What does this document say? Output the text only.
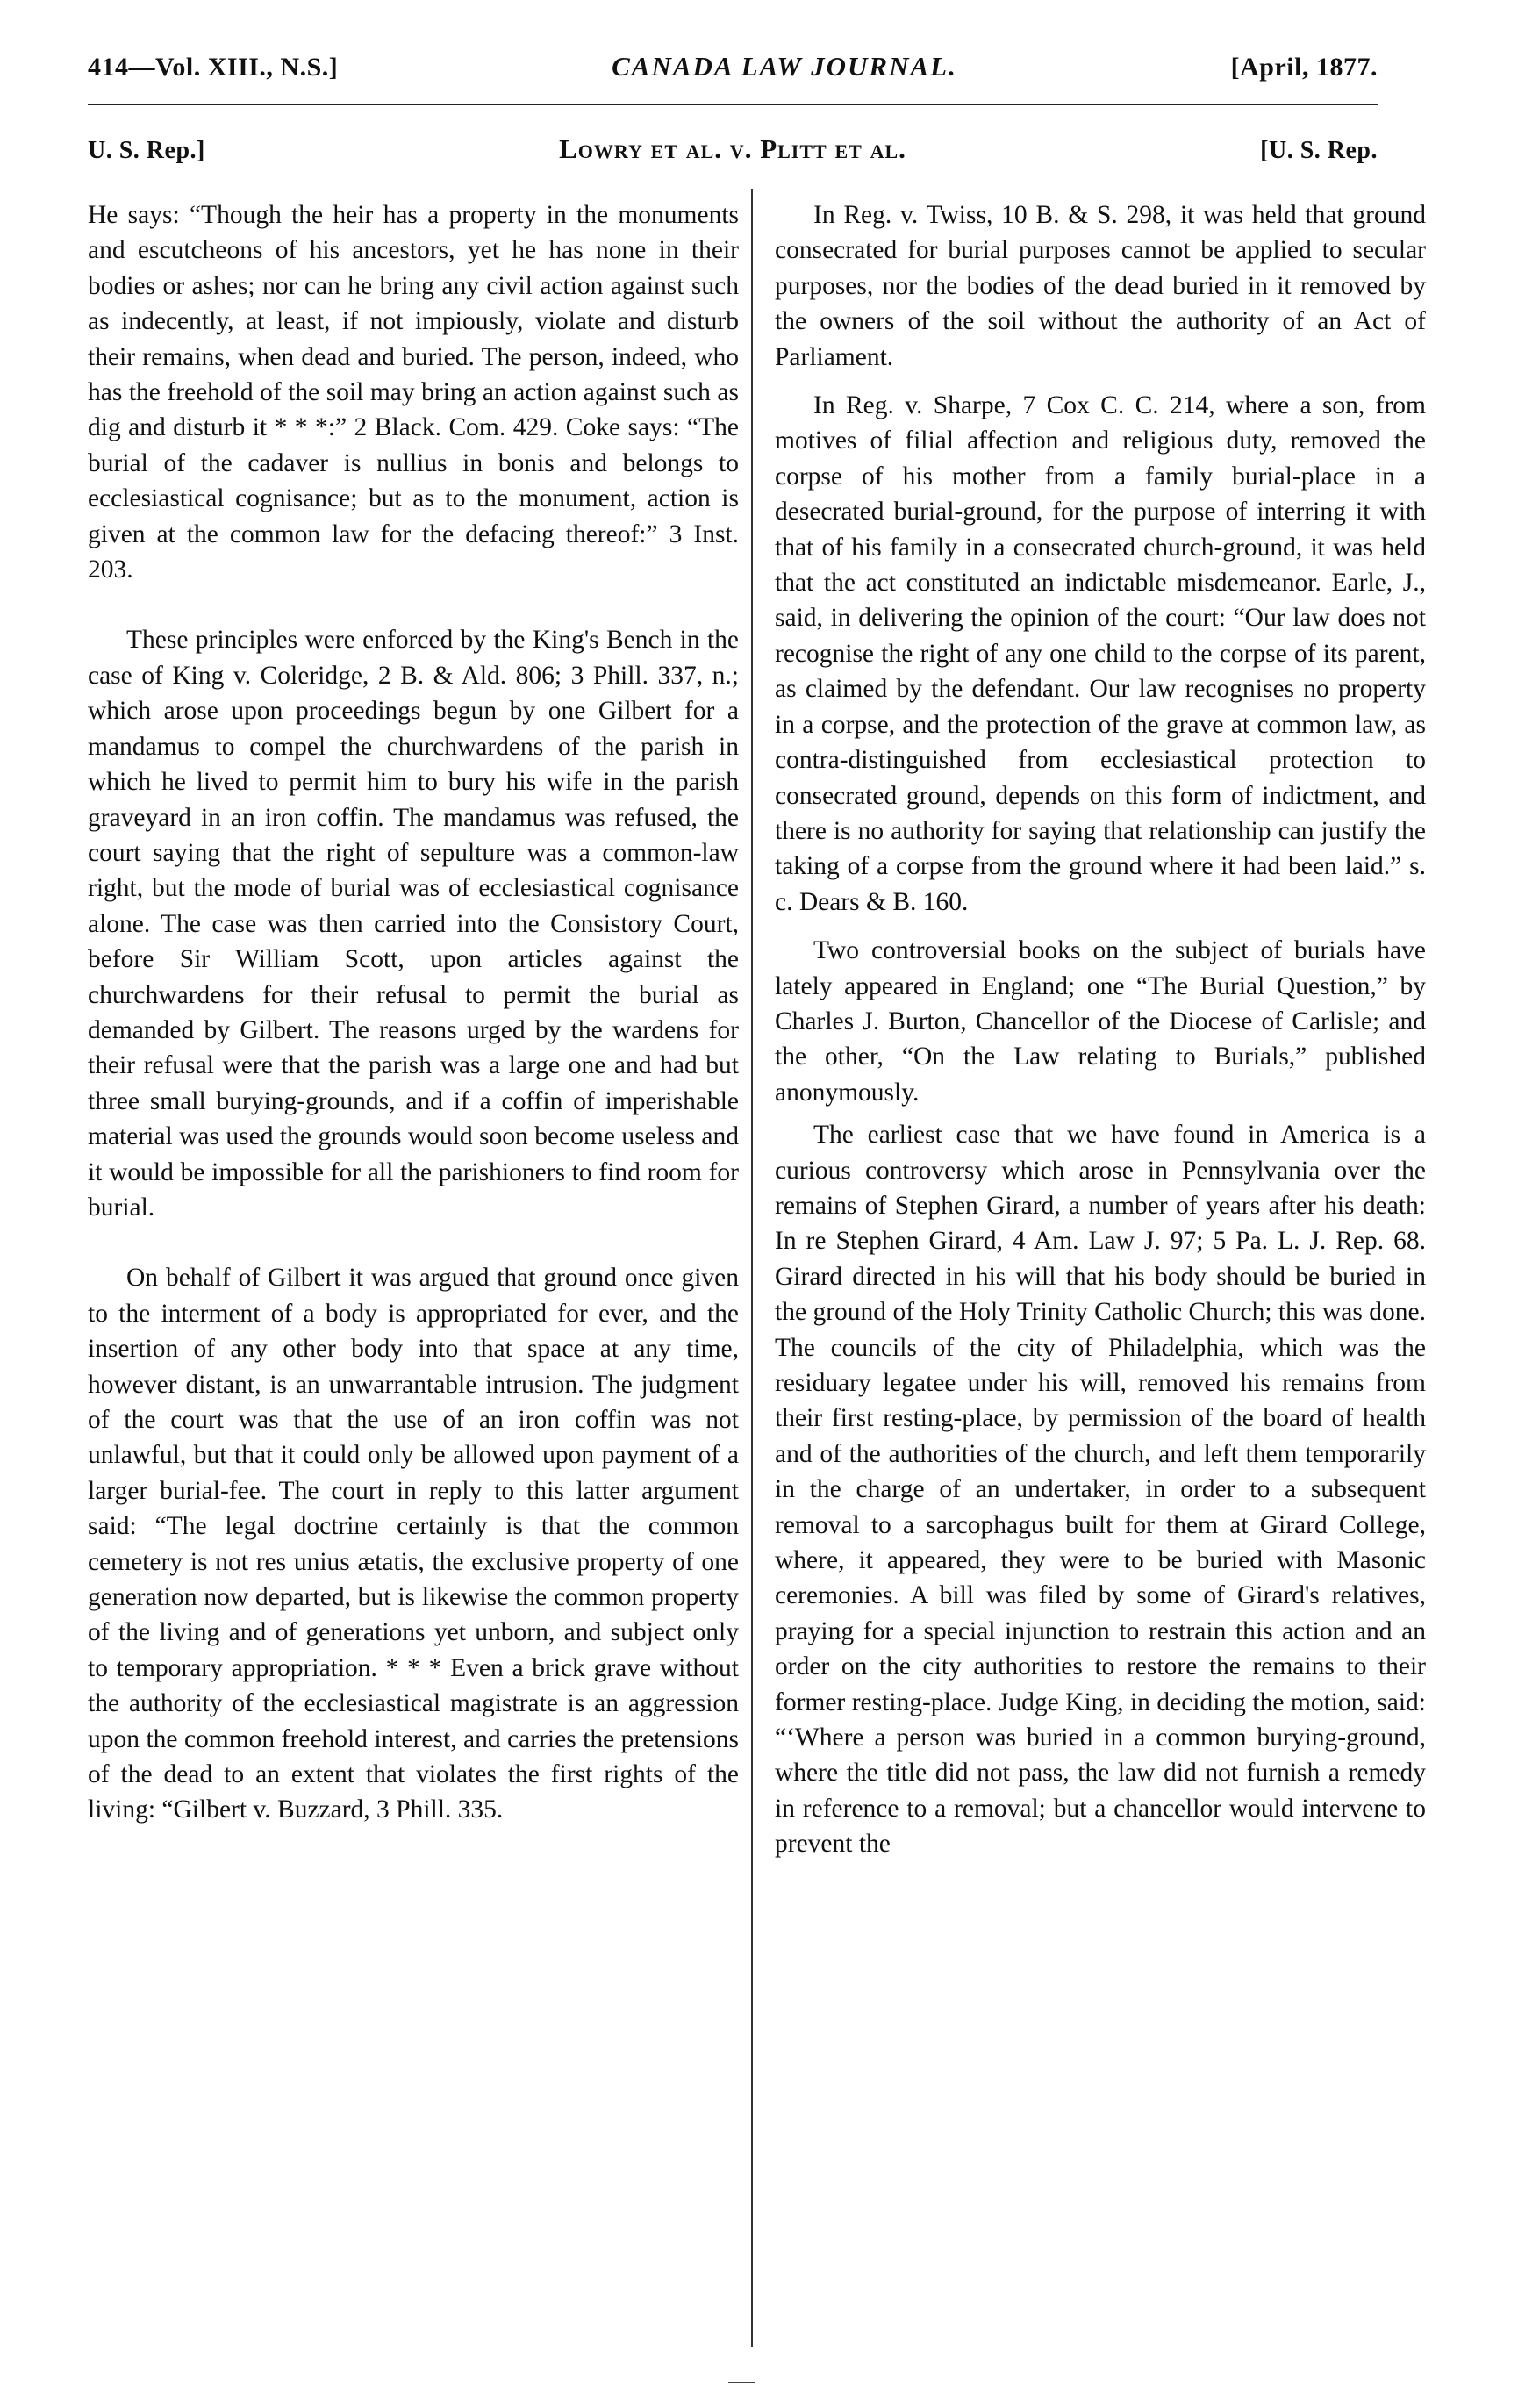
414—Vol. XIII., N.S.]	CANADA LAW JOURNAL.	[April, 1877.
U. S. Rep.]	Lowry et al. v. Plitt et al.	[U. S. Rep.

He says: “Though the heir has a property in the monuments and escutcheons of his ancestors, yet he has none in their bodies or ashes; nor can he bring any civil action against such as indecently, at least, if not impiously, violate and disturb their remains, when dead and buried. The person, indeed, who has the freehold of the soil may bring an action against such as dig and disturb it * * *:” 2 Black. Com. 429. Coke says: “The burial of the cadaver is nullius in bonis and belongs to ecclesiastical cognisance; but as to the monument, action is given at the common law for the defacing thereof:” 3 Inst. 203.

These principles were enforced by the King's Bench in the case of King v. Coleridge, 2 B. & Ald. 806; 3 Phill. 337, n.; which arose upon proceedings begun by one Gilbert for a mandamus to compel the churchwardens of the parish in which he lived to permit him to bury his wife in the parish graveyard in an iron coffin. The mandamus was refused, the court saying that the right of sepulture was a common-law right, but the mode of burial was of ecclesiastical cognisance alone. The case was then carried into the Consistory Court, before Sir William Scott, upon articles against the churchwardens for their refusal to permit the burial as demanded by Gilbert. The reasons urged by the wardens for their refusal were that the parish was a large one and had but three small burying-grounds, and if a coffin of imperishable material was used the grounds would soon become useless and it would be impossible for all the parishioners to find room for burial.

On behalf of Gilbert it was argued that ground once given to the interment of a body is appropriated for ever, and the insertion of any other body into that space at any time, however distant, is an unwarrantable intrusion. The judgment of the court was that the use of an iron coffin was not unlawful, but that it could only be allowed upon payment of a larger burial-fee. The court in reply to this latter argument said: “The legal doctrine certainly is that the common cemetery is not res unius ætatis, the exclusive property of one generation now departed, but is likewise the common property of the living and of generations yet unborn, and subject only to temporary appropriation. * * * Even a brick grave without the authority of the ecclesiastical magistrate is an aggression upon the common freehold interest, and carries the pretensions of the dead to an extent that violates the first rights of the living: “Gilbert v. Buzzard, 3 Phill. 335.

In Reg. v. Twiss, 10 B. & S. 298, it was held that ground consecrated for burial purposes cannot be applied to secular purposes, nor the bodies of the dead buried in it removed by the owners of the soil without the authority of an Act of Parliament.

In Reg. v. Sharpe, 7 Cox C. C. 214, where a son, from motives of filial affection and religious duty, removed the corpse of his mother from a family burial-place in a desecrated burial-ground, for the purpose of interring it with that of his family in a consecrated church-ground, it was held that the act constituted an indictable misdemeanor. Earle, J., said, in delivering the opinion of the court: “Our law does not recognise the right of any one child to the corpse of its parent, as claimed by the defendant. Our law recognises no property in a corpse, and the protection of the grave at common law, as contra-distinguished from ecclesiastical protection to consecrated ground, depends on this form of indictment, and there is no authority for saying that relationship can justify the taking of a corpse from the ground where it had been laid.” s. c. Dears & B. 160.

Two controversial books on the subject of burials have lately appeared in England; one “The Burial Question,” by Charles J. Burton, Chancellor of the Diocese of Carlisle; and the other, “On the Law relating to Burials,” published anonymously.

The earliest case that we have found in America is a curious controversy which arose in Pennsylvania over the remains of Stephen Girard, a number of years after his death: In re Stephen Girard, 4 Am. Law J. 97; 5 Pa. L. J. Rep. 68. Girard directed in his will that his body should be buried in the ground of the Holy Trinity Catholic Church; this was done. The councils of the city of Philadelphia, which was the residuary legatee under his will, removed his remains from their first resting-place, by permission of the board of health and of the authorities of the church, and left them temporarily in the charge of an undertaker, in order to a subsequent removal to a sarcophagus built for them at Girard College, where, it appeared, they were to be buried with Masonic ceremonies. A bill was filed by some of Girard's relatives, praying for a special injunction to restrain this action and an order on the city authorities to restore the remains to their former resting-place. Judge King, in deciding the motion, said: “‘Where a person was buried in a common burying-ground, where the title did not pass, the law did not furnish a remedy in reference to a removal; but a chancellor would intervene to prevent the
